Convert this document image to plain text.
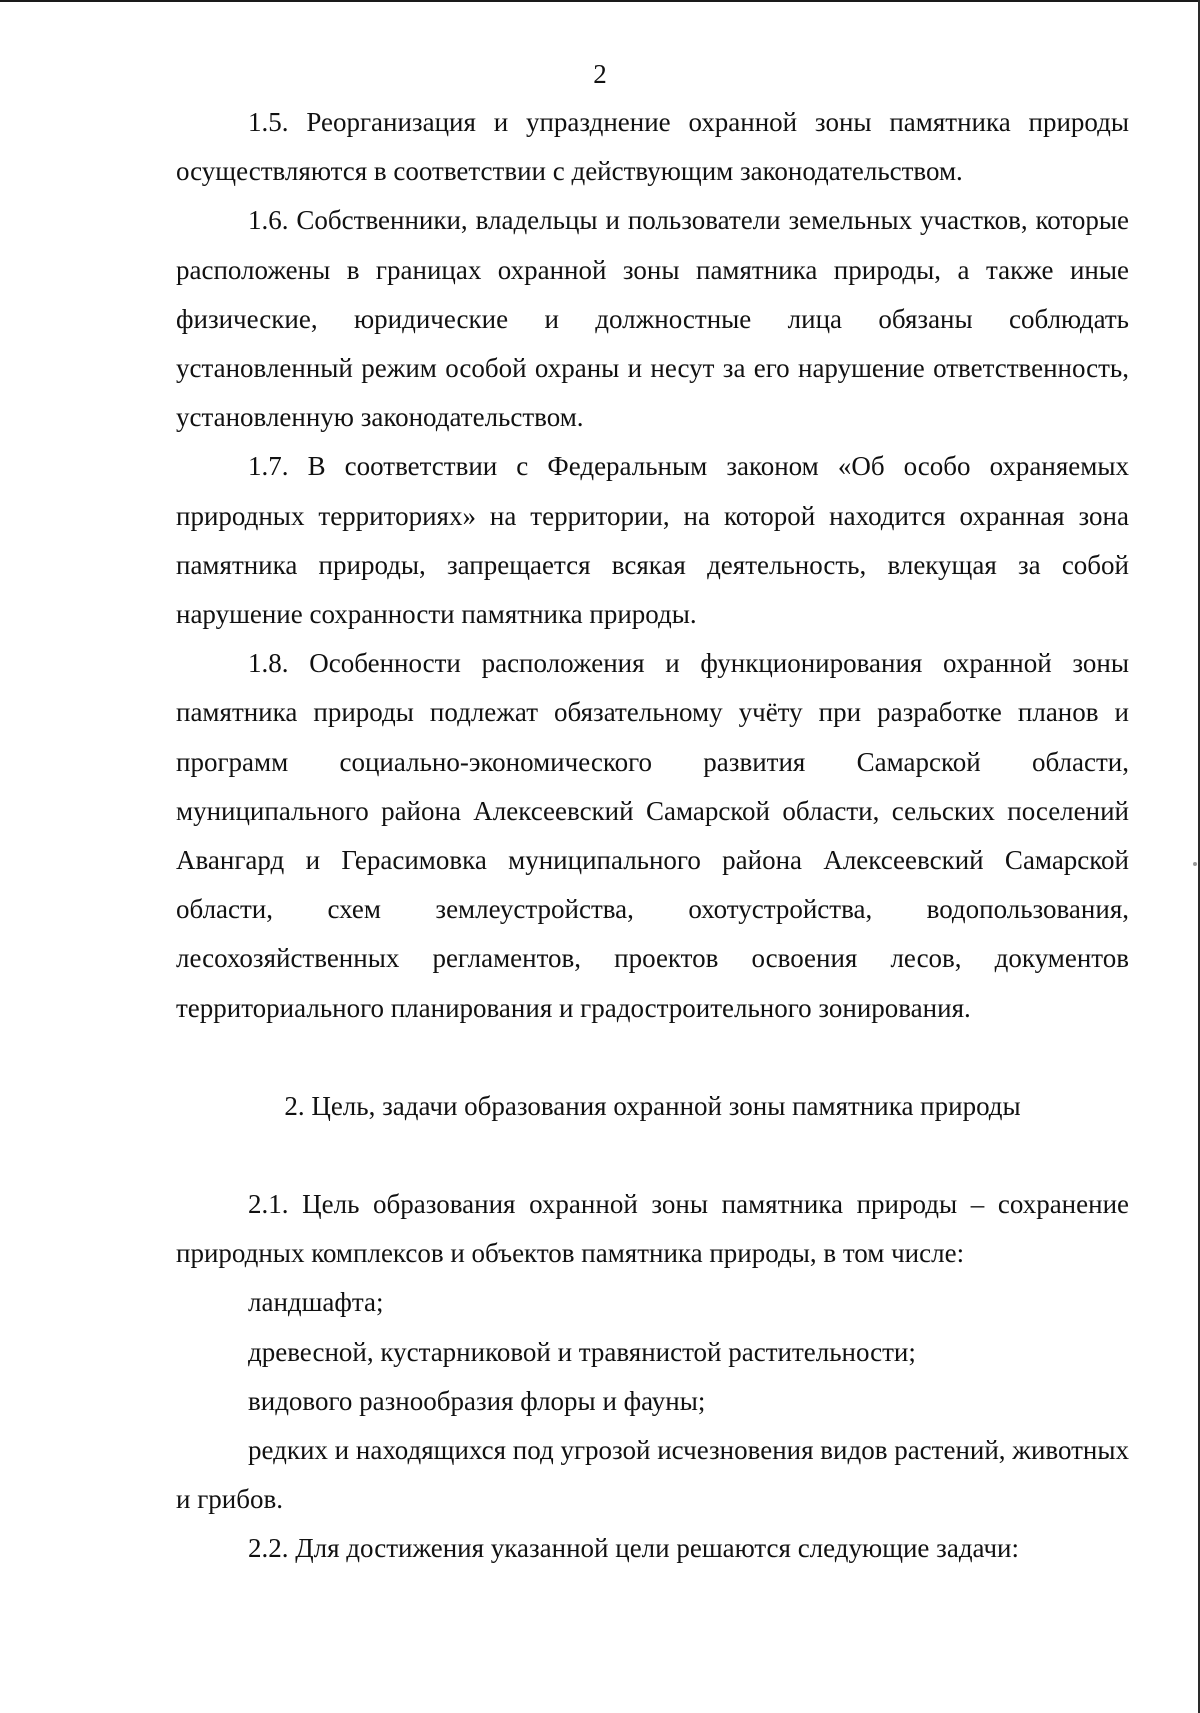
2

1.5. Реорганизация и упразднение охранной зоны памятника природы осуществляются в соответствии с действующим законодательством.

1.6. Собственники, владельцы и пользователи земельных участков, которые расположены в границах охранной зоны памятника природы, а также иные физические, юридические и должностные лица обязаны соблюдать установленный режим особой охраны и несут за его нарушение ответственность, установленную законодательством.

1.7. В соответствии с Федеральным законом «Об особо охраняемых природных территориях» на территории, на которой находится охранная зона памятника природы, запрещается всякая деятельность, влекущая за собой нарушение сохранности памятника природы.

1.8. Особенности расположения и функционирования охранной зоны памятника природы подлежат обязательному учёту при разработке планов и программ социально-экономического развития Самарской области, муниципального района Алексеевский Самарской области, сельских поселений Авангард и Герасимовка муниципального района Алексеевский Самарской области, схем землеустройства, охотустройства, водопользования, лесохозяйственных регламентов, проектов освоения лесов, документов территориального планирования и градостроительного зонирования.

2. Цель, задачи образования охранной зоны памятника природы

2.1. Цель образования охранной зоны памятника природы – сохранение природных комплексов и объектов памятника природы, в том числе:

ландшафта;

древесной, кустарниковой и травянистой растительности;

видового разнообразия флоры и фауны;

редких и находящихся под угрозой исчезновения видов растений, животных и грибов.

2.2. Для достижения указанной цели решаются следующие задачи:
